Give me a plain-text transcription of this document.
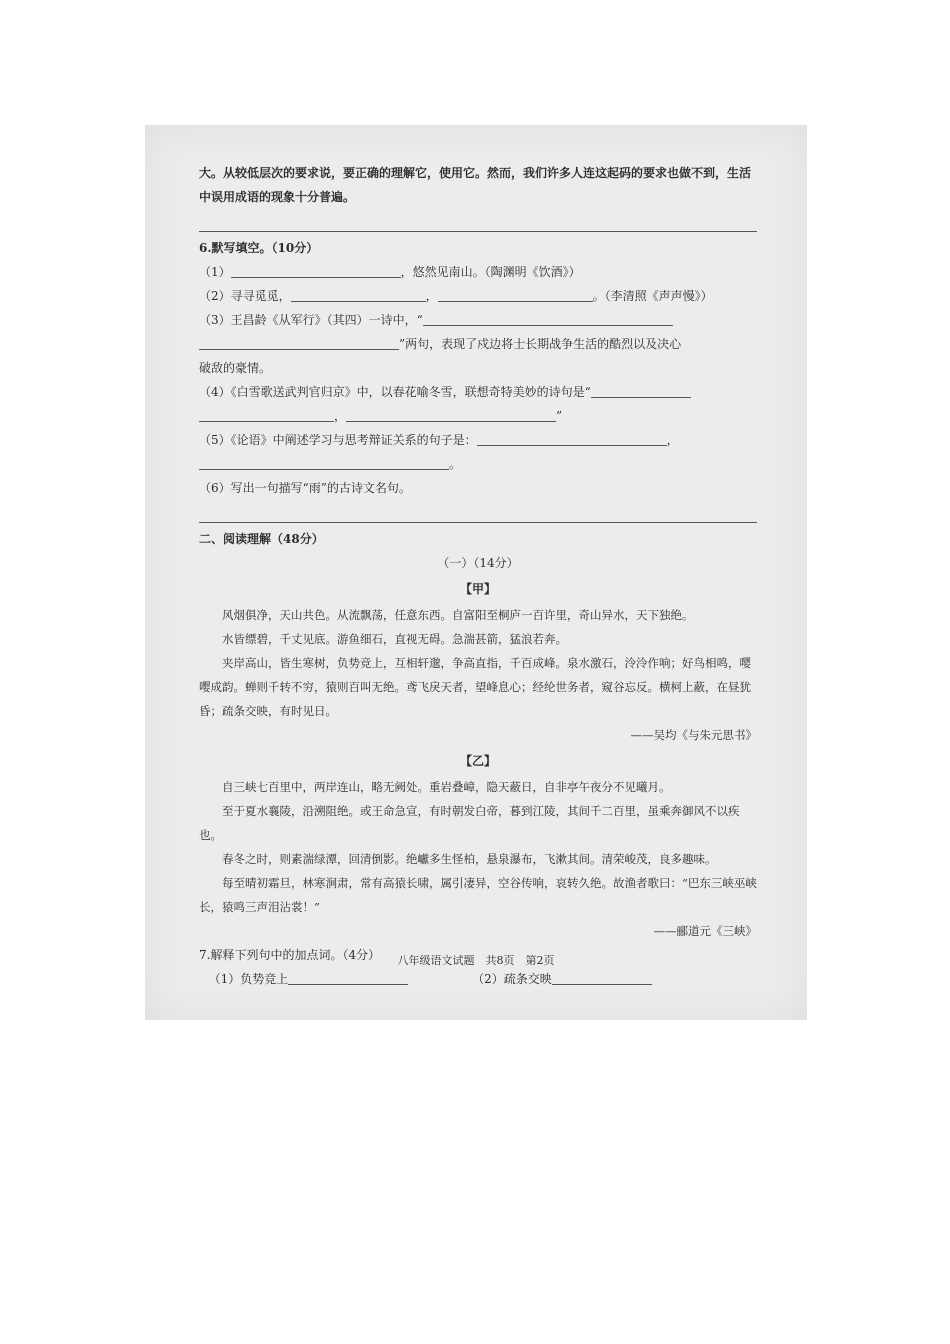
大。从较低层次的要求说，要正确的理解它，使用它。然而，我们许多人连这起码的要求也做不到，生活中误用成语的现象十分普遍。

6.默写填空。（10分）

（1）	，悠然见南山。（陶渊明《饮酒》）

（2）寻寻觅觅，	，	。（李清照《声声慢》）

（3）王昌龄《从军行》（其四）一诗中，“
”两句，表现了戍边将士长期战争生活的酷烈以及决心
破敌的豪情。

（4）《白雪歌送武判官归京》中，以春花喻冬雪，联想奇特美妙的诗句是“
，	”

（5）《论语》中阐述学习与思考辩证关系的句子是：	，
。

（6）写出一句描写“雨”的古诗文名句。

二、阅读理解（48分）

（一）（14分）

【甲】

风烟俱净，天山共色。从流飘荡，任意东西。自富阳至桐庐一百许里，奇山异水，天下独绝。

水皆缥碧，千丈见底。游鱼细石，直视无碍。急湍甚箭，猛浪若奔。

夹岸高山，皆生寒树，负势竞上，互相轩邈，争高直指，千百成峰。泉水激石，泠泠作响；好鸟相鸣，嘤嘤成韵。蝉则千转不穷，猿则百叫无绝。鸢飞戾天者，望峰息心；经纶世务者，窥谷忘反。横柯上蔽，在昼犹昏；疏条交映，有时见日。

——吴均《与朱元思书》

【乙】

自三峡七百里中，两岸连山，略无阙处。重岩叠嶂，隐天蔽日，自非亭午夜分不见曦月。

至于夏水襄陵，沿溯阻绝。或王命急宣，有时朝发白帝，暮到江陵，其间千二百里，虽乘奔御风不以疾也。

春冬之时，则素湍绿潭，回清倒影。绝巘多生怪柏，悬泉瀑布，飞漱其间。清荣峻茂，良多趣味。

每至晴初霜旦，林寒涧肃，常有高猿长啸，属引凄异，空谷传响，哀转久绝。故渔者歌曰：“巴东三峡巫峡长，猿鸣三声泪沾裳！”

——郦道元《三峡》

7.解释下列句中的加点词。（4分）

（1）负势竞上	（2）疏条交映

八年级语文试题　共8页　第2页
